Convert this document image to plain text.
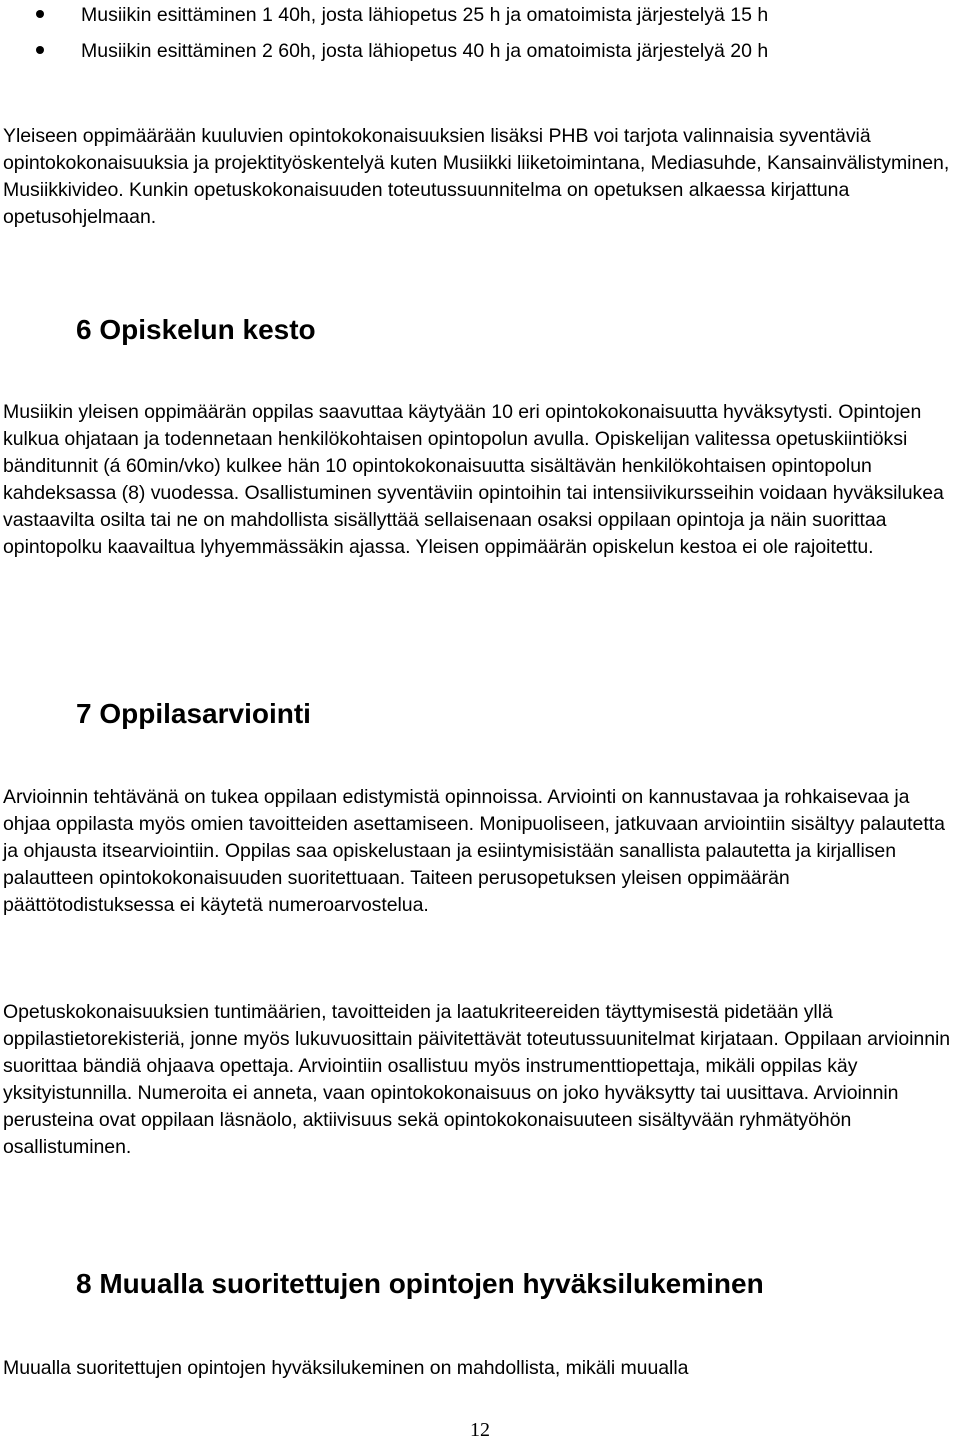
Musiikin esittäminen 1 40h, josta lähiopetus 25 h ja omatoimista järjestelyä 15 h
Musiikin esittäminen 2 60h, josta lähiopetus 40 h ja omatoimista järjestelyä 20 h

Yleiseen oppimäärään kuuluvien opintokokonaisuuksien lisäksi PHB voi tarjota valinnaisia syventäviä opintokokonaisuuksia ja projektityöskentelyä kuten Musiikki liiketoimintana, Mediasuhde, Kansainvälistyminen, Musiikkivideo. Kunkin opetuskokonaisuuden toteutussuunnitelma on opetuksen alkaessa kirjattuna opetusohjelmaan.

6 Opiskelun kesto

Musiikin yleisen oppimäärän oppilas saavuttaa käytyään 10 eri opintokokonaisuutta hyväksytysti. Opintojen kulkua ohjataan ja todennetaan henkilökohtaisen opintopolun avulla. Opiskelijan valitessa opetuskiintiöksi bänditunnit (á 60min/vko) kulkee hän 10 opintokokonaisuutta sisältävän henkilökohtaisen opintopolun kahdeksassa (8) vuodessa. Osallistuminen syventäviin opintoihin tai intensiivikursseihin voidaan hyväksilukea vastaavilta osilta tai ne on mahdollista sisällyttää sellaisenaan osaksi oppilaan opintoja ja näin suorittaa opintopolku kaavailtua lyhyemmässäkin ajassa. Yleisen oppimäärän opiskelun kestoa ei ole rajoitettu.

7 Oppilasarviointi

Arvioinnin tehtävänä on tukea oppilaan edistymistä opinnoissa. Arviointi on kannustavaa ja rohkaisevaa ja ohjaa oppilasta myös omien tavoitteiden asettamiseen. Monipuoliseen, jatkuvaan arviointiin sisältyy palautetta ja ohjausta itsearviointiin. Oppilas saa opiskelustaan ja esiintymisistään sanallista palautetta ja kirjallisen palautteen opintokokonaisuuden suoritettuaan. Taiteen perusopetuksen yleisen oppimäärän päättötodistuksessa ei käytetä numeroarvostelua.

Opetuskokonaisuuksien tuntimäärien, tavoitteiden ja laatukriteereiden täyttymisestä pidetään yllä oppilastietorekisteriä, jonne myös lukuvuosittain päivitettävät toteutussuunitelmat kirjataan. Oppilaan arvioinnin suorittaa bändiä ohjaava opettaja. Arviointiin osallistuu myös instrumenttiopettaja, mikäli oppilas käy yksityistunnilla. Numeroita ei anneta, vaan opintokokonaisuus on joko hyväksytty tai uusittava. Arvioinnin perusteina ovat oppilaan läsnäolo, aktiivisuus sekä opintokokonaisuuteen sisältyvään ryhmätyöhön osallistuminen.

8 Muualla suoritettujen opintojen hyväksilukeminen

Muualla suoritettujen opintojen hyväksilukeminen on mahdollista, mikäli muualla

12
